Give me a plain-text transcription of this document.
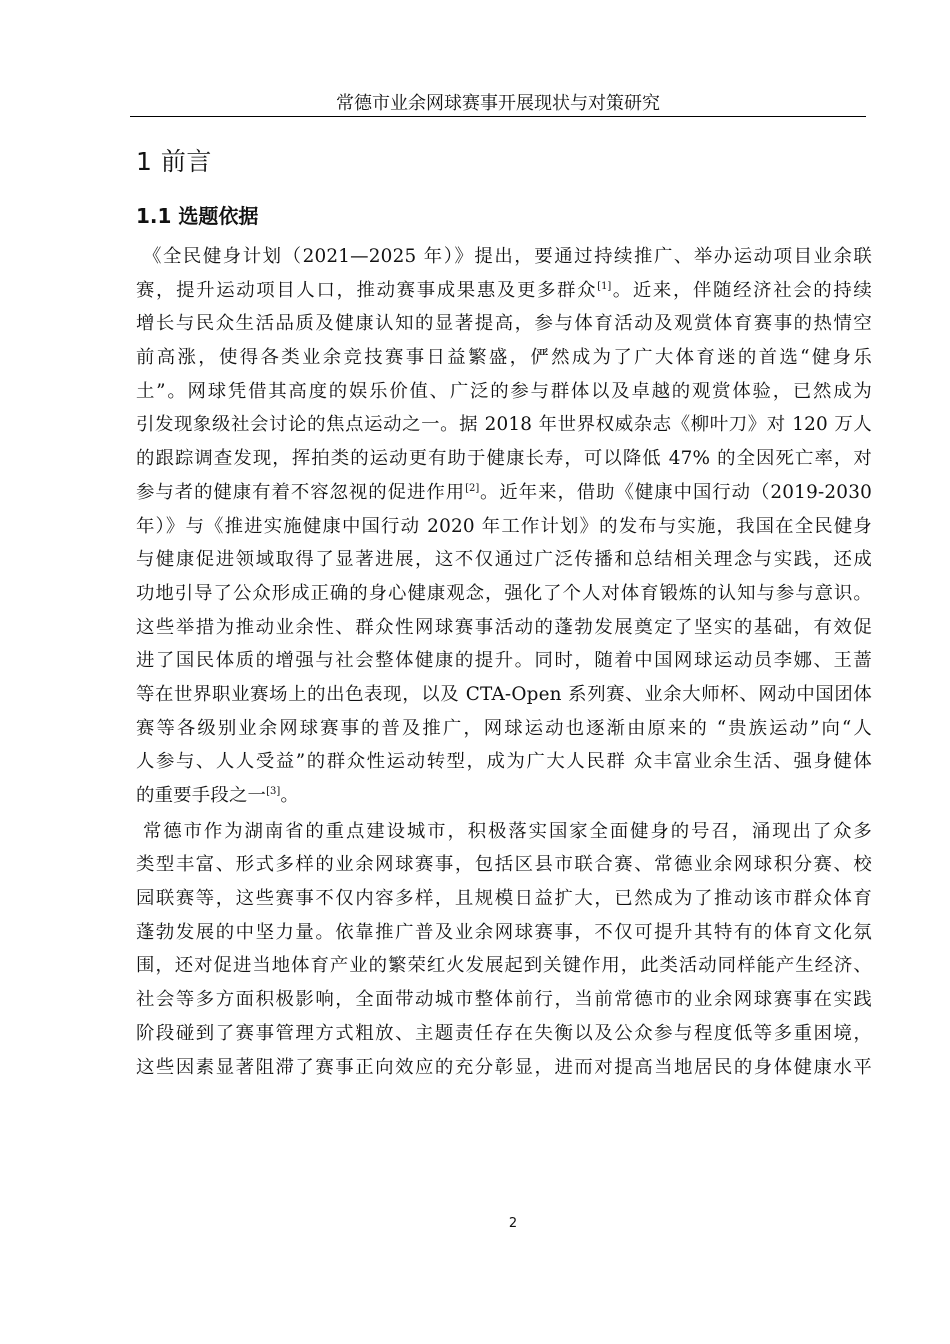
常德市业余网球赛事开展现状与对策研究
1 前言
1.1 选题依据
《全民健身计划（2021—2025 年）》提出，要通过持续推广、举办运动项目业余联
赛，提升运动项目人口，推动赛事成果惠及更多群众[1]。近来，伴随经济社会的持续
增长与民众生活品质及健康认知的显著提高，参与体育活动及观赏体育赛事的热情空
前高涨，使得各类业余竞技赛事日益繁盛，俨然成为了广大体育迷的首选“健身乐
土”。网球凭借其高度的娱乐价值、广泛的参与群体以及卓越的观赏体验，已然成为
引发现象级社会讨论的焦点运动之一。据 2018 年世界权威杂志《柳叶刀》对 120 万人
的跟踪调查发现，挥拍类的运动更有助于健康长寿，可以降低 47% 的全因死亡率，对
参与者的健康有着不容忽视的促进作用[2]。近年来，借助《健康中国行动（2019-2030
年）》与《推进实施健康中国行动 2020 年工作计划》的发布与实施，我国在全民健身
与健康促进领域取得了显著进展，这不仅通过广泛传播和总结相关理念与实践，还成
功地引导了公众形成正确的身心健康观念，强化了个人对体育锻炼的认知与参与意识。
这些举措为推动业余性、群众性网球赛事活动的蓬勃发展奠定了坚实的基础，有效促
进了国民体质的增强与社会整体健康的提升。同时，随着中国网球运动员李娜、王蔷
等在世界职业赛场上的出色表现，以及 CTA-Open 系列赛、业余大师杯、网动中国团体
赛等各级别业余网球赛事的普及推广，网球运动也逐渐由原来的 “贵族运动”向“人
人参与、人人受益”的群众性运动转型，成为广大人民群 众丰富业余生活、强身健体
的重要手段之一[3]。
常德市作为湖南省的重点建设城市，积极落实国家全面健身的号召，涌现出了众多
类型丰富、形式多样的业余网球赛事，包括区县市联合赛、常德业余网球积分赛、校
园联赛等，这些赛事不仅内容多样，且规模日益扩大，已然成为了推动该市群众体育
蓬勃发展的中坚力量。依靠推广普及业余网球赛事，不仅可提升其特有的体育文化氛
围，还对促进当地体育产业的繁荣红火发展起到关键作用，此类活动同样能产生经济、
社会等多方面积极影响，全面带动城市整体前行，当前常德市的业余网球赛事在实践
阶段碰到了赛事管理方式粗放、主题责任存在失衡以及公众参与程度低等多重困境，
这些因素显著阻滞了赛事正向效应的充分彰显，进而对提高当地居民的身体健康水平
2
